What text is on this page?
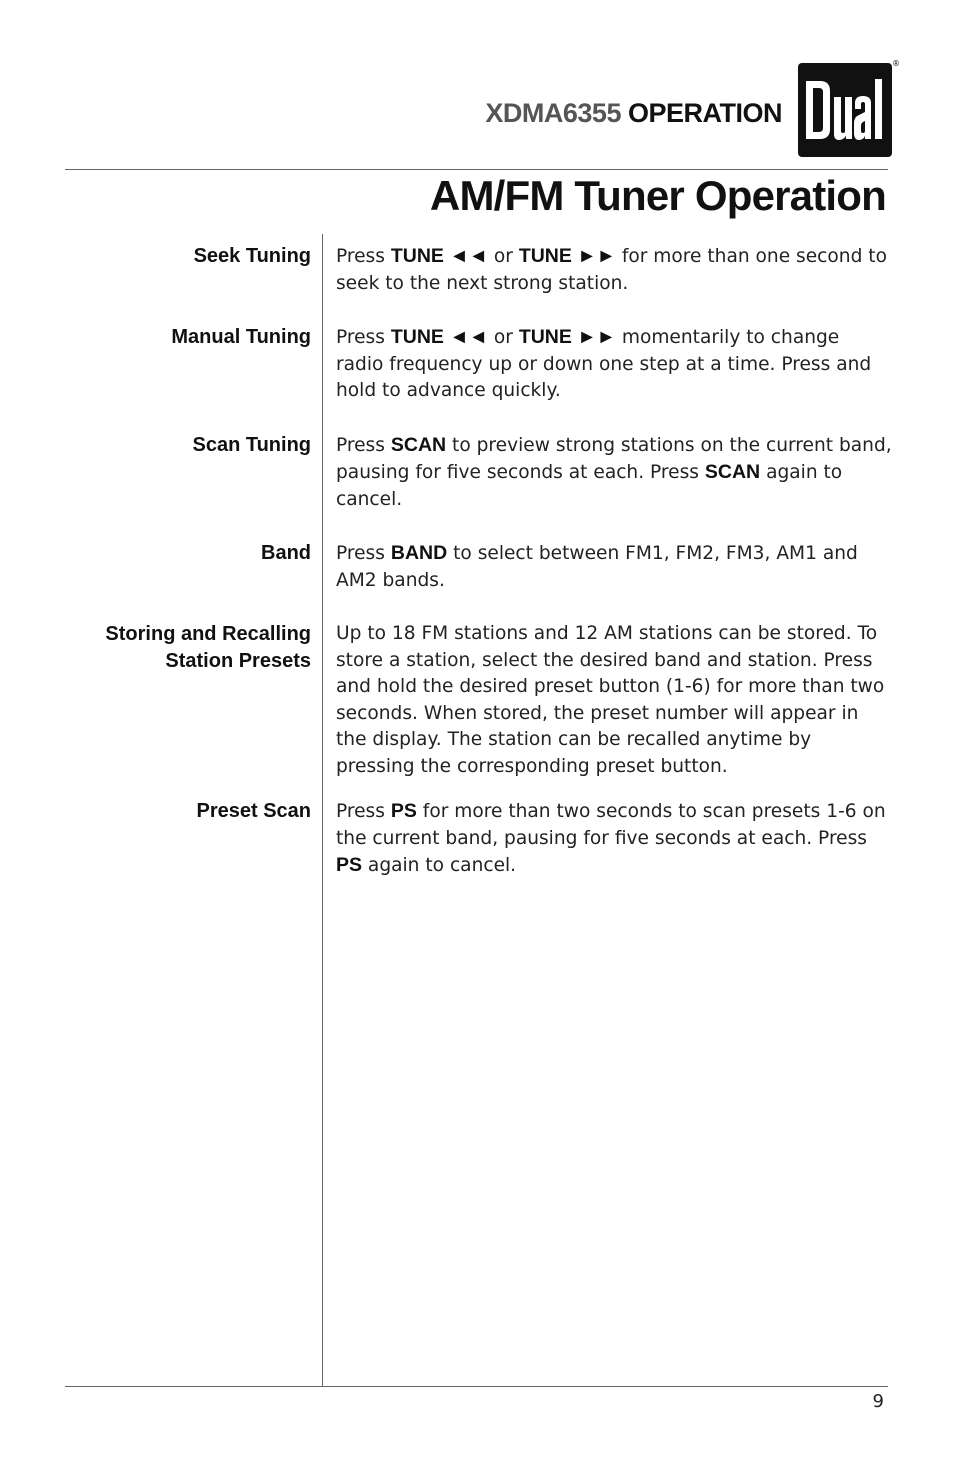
XDMA6355 OPERATION
®
AM/FM Tuner Operation
Seek Tuning Press TUNE ◄◄ or TUNE ►► for more than one second to seek to the next strong station.

Manual Tuning Press TUNE ◄◄ or TUNE ►► momentarily to change radio frequency up or down one step at a time. Press and hold to advance quickly.

Scan Tuning Press SCAN to preview strong stations on the current band, pausing for five seconds at each. Press SCAN again to cancel.

Band Press BAND to select between FM1, FM2, FM3, AM1 and AM2 bands.

Storing and Recalling
Station Presets

Up to 18 FM stations and 12 AM stations can be stored. To store a station, select the desired band and station. Press and hold the desired preset button (1-6) for more than two seconds. When stored, the preset number will appear in the display. The station can be recalled anytime by pressing the corresponding preset button.

Preset Scan Press PS for more than two seconds to scan presets 1-6 on the current band, pausing for five seconds at each. Press PS again to cancel.

9
